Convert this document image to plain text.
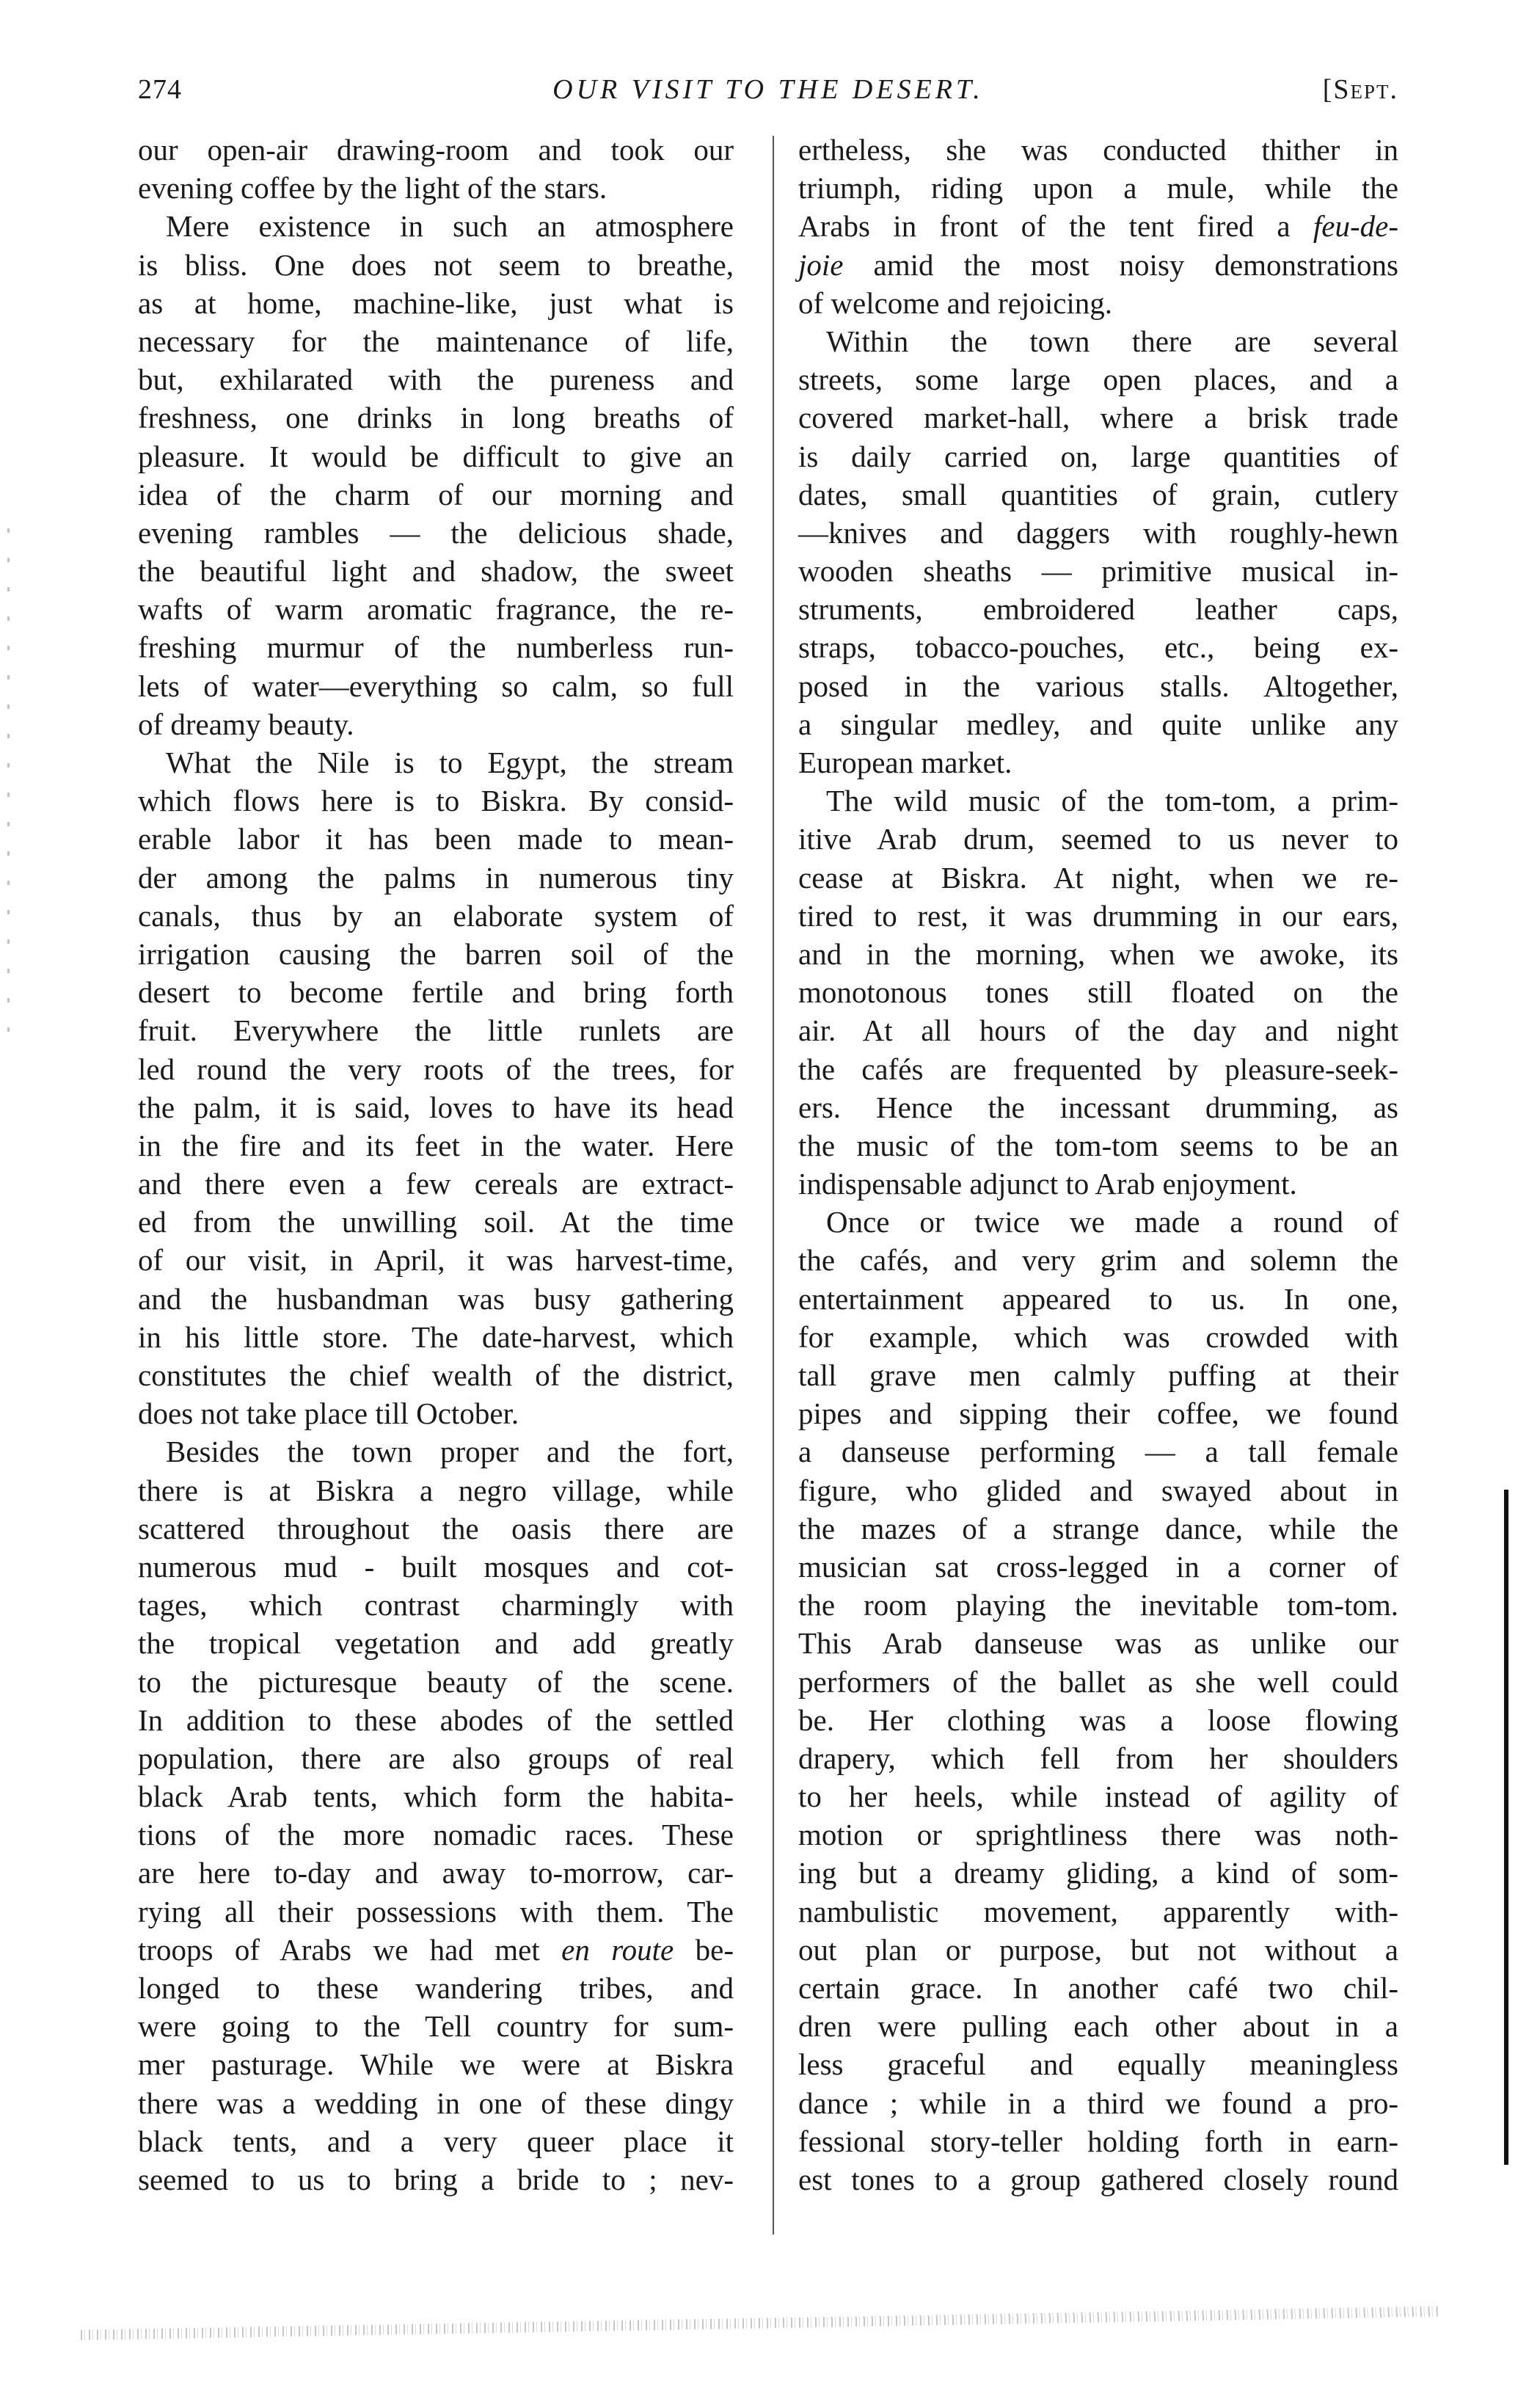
274	OUR VISIT TO THE DESERT.	[Sept.
our open-air drawing-room and took our
evening coffee by the light of the stars.
Mere existence in such an atmosphere
is bliss. One does not seem to breathe,
as at home, machine-like, just what is
necessary for the maintenance of life,
but, exhilarated with the pureness and
freshness, one drinks in long breaths of
pleasure. It would be difficult to give an
idea of the charm of our morning and
evening rambles — the delicious shade,
the beautiful light and shadow, the sweet
wafts of warm aromatic fragrance, the re-
freshing murmur of the numberless run-
lets of water—everything so calm, so full
of dreamy beauty.
What the Nile is to Egypt, the stream
which flows here is to Biskra. By consid-
erable labor it has been made to mean-
der among the palms in numerous tiny
canals, thus by an elaborate system of
irrigation causing the barren soil of the
desert to become fertile and bring forth
fruit. Everywhere the little runlets are
led round the very roots of the trees, for
the palm, it is said, loves to have its head
in the fire and its feet in the water. Here
and there even a few cereals are extract-
ed from the unwilling soil. At the time
of our visit, in April, it was harvest-time,
and the husbandman was busy gathering
in his little store. The date-harvest, which
constitutes the chief wealth of the district,
does not take place till October.
Besides the town proper and the fort,
there is at Biskra a negro village, while
scattered throughout the oasis there are
numerous mud - built mosques and cot-
tages, which contrast charmingly with
the tropical vegetation and add greatly
to the picturesque beauty of the scene.
In addition to these abodes of the settled
population, there are also groups of real
black Arab tents, which form the habita-
tions of the more nomadic races. These
are here to-day and away to-morrow, car-
rying all their possessions with them. The
troops of Arabs we had met en route be-
longed to these wandering tribes, and
were going to the Tell country for sum-
mer pasturage. While we were at Biskra
there was a wedding in one of these dingy
black tents, and a very queer place it
seemed to us to bring a bride to ; nev-
ertheless, she was conducted thither in
triumph, riding upon a mule, while the
Arabs in front of the tent fired a feu-de-
joie amid the most noisy demonstrations
of welcome and rejoicing.
Within the town there are several
streets, some large open places, and a
covered market-hall, where a brisk trade
is daily carried on, large quantities of
dates, small quantities of grain, cutlery
—knives and daggers with roughly-hewn
wooden sheaths — primitive musical in-
struments, embroidered leather caps,
straps, tobacco-pouches, etc., being ex-
posed in the various stalls. Altogether,
a singular medley, and quite unlike any
European market.
The wild music of the tom-tom, a prim-
itive Arab drum, seemed to us never to
cease at Biskra. At night, when we re-
tired to rest, it was drumming in our ears,
and in the morning, when we awoke, its
monotonous tones still floated on the
air. At all hours of the day and night
the cafés are frequented by pleasure-seek-
ers. Hence the incessant drumming, as
the music of the tom-tom seems to be an
indispensable adjunct to Arab enjoyment.
Once or twice we made a round of
the cafés, and very grim and solemn the
entertainment appeared to us. In one,
for example, which was crowded with
tall grave men calmly puffing at their
pipes and sipping their coffee, we found
a danseuse performing — a tall female
figure, who glided and swayed about in
the mazes of a strange dance, while the
musician sat cross-legged in a corner of
the room playing the inevitable tom-tom.
This Arab danseuse was as unlike our
performers of the ballet as she well could
be. Her clothing was a loose flowing
drapery, which fell from her shoulders
to her heels, while instead of agility of
motion or sprightliness there was noth-
ing but a dreamy gliding, a kind of som-
nambulistic movement, apparently with-
out plan or purpose, but not without a
certain grace. In another café two chil-
dren were pulling each other about in a
less graceful and equally meaningless
dance ; while in a third we found a pro-
fessional story-teller holding forth in earn-
est tones to a group gathered closely round
